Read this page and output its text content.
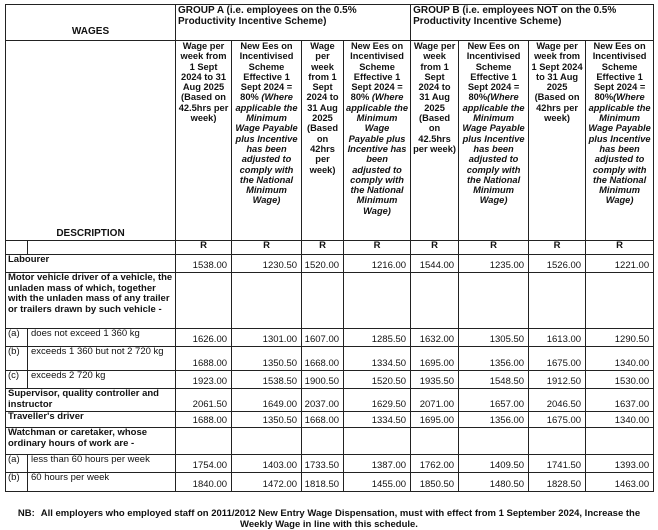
WAGES		GROUP A (i.e. employees on the 0.5% Productivity Incentive Scheme)				GROUP B (i.e. employees NOT on the 0.5% Productivity Incentive Scheme)			
DESCRIPTION		Wage per week from 1 Sept 2024 to 31 Aug 2025 (Based on 42.5hrs per week)	New Ees on Incentivised Scheme Effective 1 Sept 2024 = 80% (Where applicable the Minimum Wage Payable plus Incentive has been adjusted to comply with the National Minimum Wage)	Wage per week from 1 Sept 2024 to 31 Aug 2025 (Based on 42hrs per week)	New Ees on Incentivised Scheme Effective 1 Sept 2024 = 80% (Where applicable the Minimum Wage Payable plus Incentive has been adjusted to comply with the National Minimum Wage)	Wage per week from 1 Sept 2024 to 31 Aug 2025 (Based on 42.5hrs per week)	New Ees on Incentivised Scheme Effective 1 Sept 2024 = 80%(Where applicable the Minimum Wage Payable plus Incentive has been adjusted to comply with the National Minimum Wage)	Wage per week from 1 Sept 2024 to 31 Aug 2025 (Based on 42hrs per week)	New Ees on Incentivised Scheme Effective 1 Sept 2024 = 80%(Where applicable the Minimum Wage Payable plus Incentive has been adjusted to comply with the National Minimum Wage)
		R	R	R	R	R	R	R	R
Labourer		1538.00	1230.50	1520.00	1216.00	1544.00	1235.00	1526.00	1221.00
Motor vehicle driver of a vehicle, the unladen mass of which, together with the unladen mass of any trailer or trailers drawn by such vehicle -									
(a)	does not exceed 1 360 kg	1626.00	1301.00	1607.00	1285.50	1632.00	1305.50	1613.00	1290.50
(b)	exceeds 1 360 but not 2 720 kg	1688.00	1350.50	1668.00	1334.50	1695.00	1356.00	1675.00	1340.00
(c)	exceeds 2 720 kg	1923.00	1538.50	1900.50	1520.50	1935.50	1548.50	1912.50	1530.00
Supervisor, quality controller and instructor		2061.50	1649.00	2037.00	1629.50	2071.00	1657.00	2046.50	1637.00
Traveller's driver		1688.00	1350.50	1668.00	1334.50	1695.00	1356.00	1675.00	1340.00
Watchman or caretaker, whose ordinary hours of work are -									
(a)	less than 60 hours per week	1754.00	1403.00	1733.50	1387.00	1762.00	1409.50	1741.50	1393.00
(b)	60 hours per week	1840.00	1472.00	1818.50	1455.00	1850.50	1480.50	1828.50	1463.00
NB: All employers who employed staff on 2011/2012 New Entry Wage Dispensation, must with effect from 1 September 2024, Increase the Weekly Wage in line with this schedule.
